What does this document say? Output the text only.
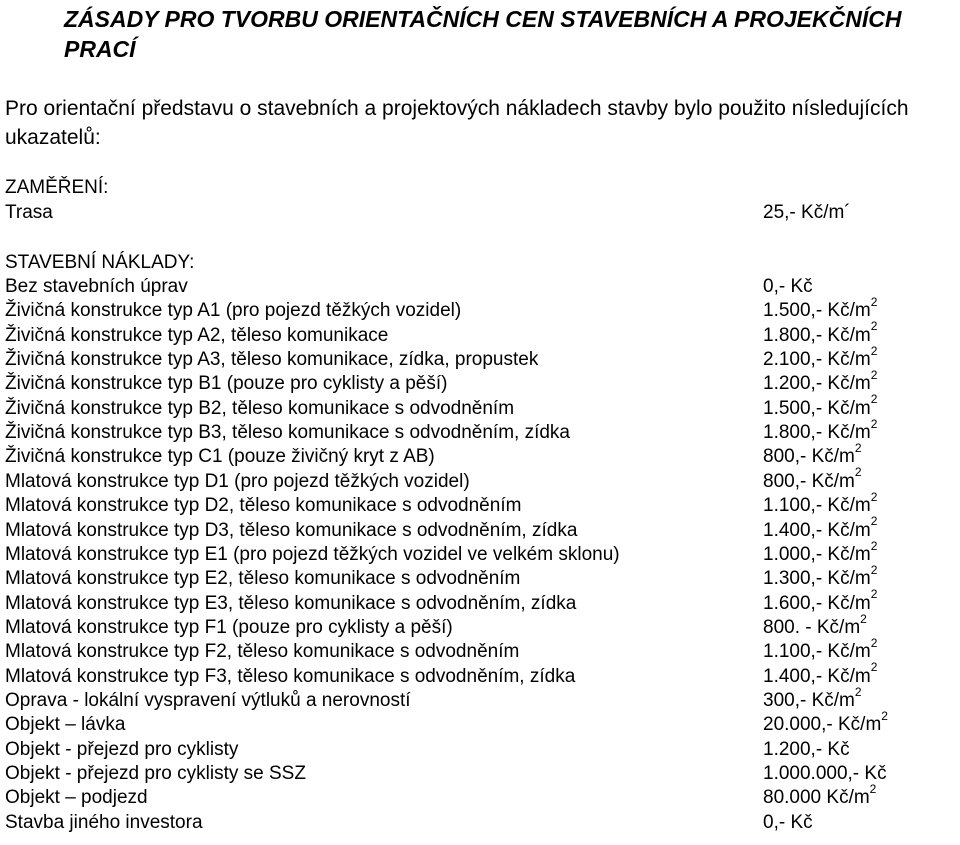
ZÁSADY PRO TVORBU ORIENTAČNÍCH CEN STAVEBNÍCH A PROJEKČNÍCH PRACÍ
Pro orientační představu o stavebních a projektových nákladech stavby bylo použito nísledujících ukazatelů:
ZAMĚŘENÍ:
Trasa	25,- Kč/m´
STAVEBNÍ NÁKLADY:
Bez stavebních úprav	0,- Kč
Živičná konstrukce typ A1 (pro pojezd těžkých vozidel)	1.500,- $Kč/m^2$
Živičná konstrukce typ A2, těleso komunikace	1.800,- $Kč/m^2$
Živičná konstrukce typ A3, těleso komunikace, zídka, propustek	2.100,- $Kč/m^2$
Živičná konstrukce typ B1 (pouze pro cyklisty a pěší)	1.200,- $Kč/m^2$
Živičná konstrukce typ B2, těleso komunikace s odvodněním	1.500,- $Kč/m^2$
Živičná konstrukce typ B3, těleso komunikace s odvodněním, zídka	1.800,- $Kč/m^2$
Živičná konstrukce typ C1 (pouze živičný kryt z AB)	800,- $Kč/m^2$
Mlatová konstrukce typ D1 (pro pojezd těžkých vozidel)	800,- $Kč/m^2$
Mlatová konstrukce typ D2, těleso komunikace s odvodněním	1.100,- $Kč/m^2$
Mlatová konstrukce typ D3, těleso komunikace s odvodněním, zídka	1.400,- $Kč/m^2$
Mlatová konstrukce typ E1 (pro pojezd těžkých vozidel ve velkém sklonu)	1.000,- $Kč/m^2$
Mlatová konstrukce typ E2, těleso komunikace s odvodněním	1.300,- $Kč/m^2$
Mlatová konstrukce typ E3, těleso komunikace s odvodněním, zídka	1.600,- $Kč/m^2$
Mlatová konstrukce typ F1 (pouze pro cyklisty a pěší)	800. - $Kč/m^2$
Mlatová konstrukce typ F2, těleso komunikace s odvodněním	1.100,- $Kč/m^2$
Mlatová konstrukce typ F3, těleso komunikace s odvodněním, zídka	1.400,- $Kč/m^2$
Oprava - lokální vyspravení výtluků a nerovností	300,- $Kč/m^2$
Objekt – lávka	20.000,- $Kč/m^2$
Objekt - přejezd pro cyklisty	1.200,- Kč
Objekt - přejezd pro cyklisty se SSZ	1.000.000,- Kč
Objekt – podjezd	80.000 $Kč/m^2$
Stavba jiného investora	0,- Kč
